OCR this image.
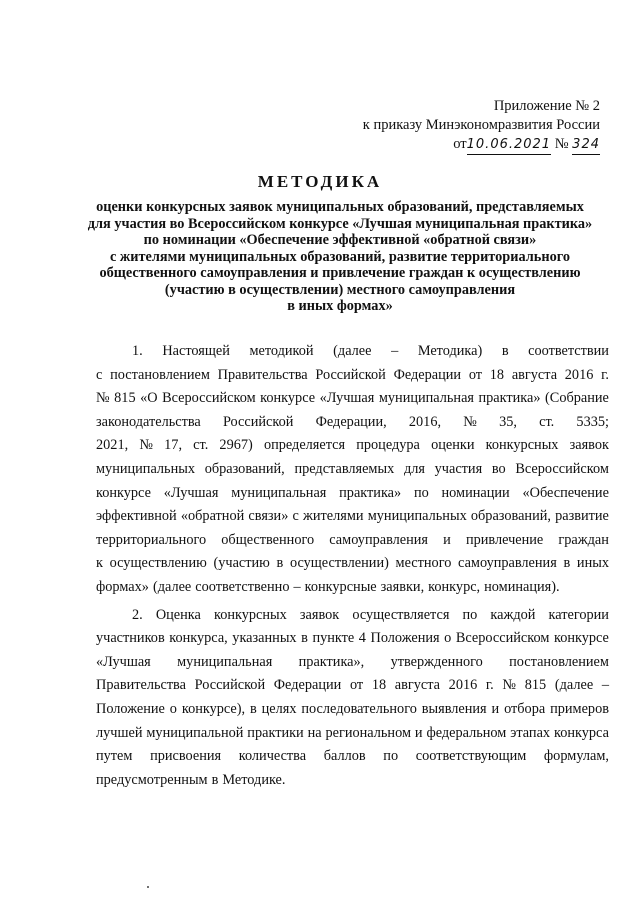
Приложение № 2
к приказу Минэкономразвития России
от10.06.2021 № 324
МЕТОДИКА
оценки конкурсных заявок муниципальных образований, представляемых
для участия во Всероссийском конкурсе «Лучшая муниципальная практика»
по номинации «Обеспечение эффективной «обратной связи»
с жителями муниципальных образований, развитие территориального
общественного самоуправления и привлечение граждан к осуществлению
(участию в осуществлении) местного самоуправления
в иных формах»
1. Настоящей методикой (далее – Методика) в соответствии
с постановлением Правительства Российской Федерации от 18 августа 2016 г.
№ 815 «О Всероссийском конкурсе «Лучшая муниципальная практика» (Собрание
законодательства Российской Федерации, 2016, № 35, ст. 5335;
2021, № 17, ст. 2967) определяется процедура оценки конкурсных заявок
муниципальных образований, представляемых для участия во Всероссийском
конкурсе «Лучшая муниципальная практика» по номинации «Обеспечение
эффективной «обратной связи» с жителями муниципальных образований, развитие
территориального общественного самоуправления и привлечение граждан
к осуществлению (участию в осуществлении) местного самоуправления в иных
формах» (далее соответственно – конкурсные заявки, конкурс, номинация).
2. Оценка конкурсных заявок осуществляется по каждой категории
участников конкурса, указанных в пункте 4 Положения о Всероссийском конкурсе
«Лучшая муниципальная практика», утвержденного постановлением
Правительства Российской Федерации от 18 августа 2016 г. № 815 (далее –
Положение о конкурсе), в целях последовательного выявления и отбора примеров
лучшей муниципальной практики на региональном и федеральном этапах конкурса
путем присвоения количества баллов по соответствующим формулам,
предусмотренным в Методике.
